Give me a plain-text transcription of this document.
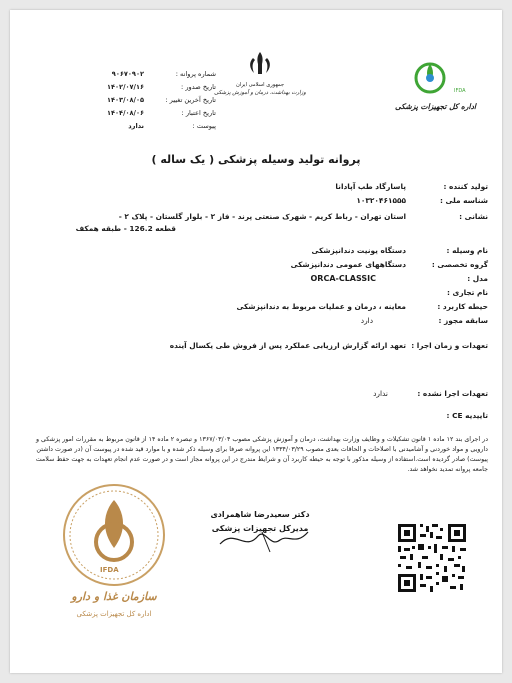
جمهوری اسلامی ایران
وزارت بهداشت، درمان و آموزش پزشکی	IFDA
اداره کل تجهیزات پزشکی
شماره پروانه :
۹۰۶۷۰۹۰۲
تاریخ صدور :
۱۴۰۲/۰۷/۱۶
تاریخ آخرین تغییر :
۱۴۰۳/۰۸/۰۵
تاریخ اعتبار :
۱۴۰۴/۰۸/۰۶
پیوست :
ندارد
پروانه تولید وسیله پزشکی ( یک ساله )
تولید کننده :
پاسارگاد طب آپادانا
شناسه ملی :
۱۰۳۲۰۴۶۱۵۵۵
نشانی :
استان تهران - رباط کریم - شهرک صنعتی پرند - فاز ۲ - بلوار گلستان - پلاک ۲ -
قطعه 126.2 - طبقه همکف
نام وسیله :
دستگاه یونیت دندانپزشکی
گروه تخصصی :
دستگاههای عمومی دندانپزشکی
مدل :
ORCA-CLASSIC
نام تجاری :
حیطه کاربرد :
معاینه ، درمان و عملیات مربوط به دندانپزشکی
سابقه مجوز :
دارد
تعهدات و زمان اجرا :
تعهد ارائه گزارش ارزیابی عملکرد پس از فروش طی یکسال آینده
تعهدات اجرا نشده :
ندارد
تاییدیه CE :
در اجرای بند ۱۲ ماده ۱ قانون تشکیلات و وظایف وزارت بهداشت، درمان و آموزش پزشکی مصوب ۱۳۶۷/۰۳/۰۴ و تبصره ۲ ماده ۱۴ از قانون مربوط به مقررات امور پزشکی و دارویی و مواد خوردنی و آشامیدنی با اصلاحات و الحاقات بعدی مصوب ۱۳۳۴/۰۳/۲۹ این پروانه صرفا برای وسیله ذکر شده و با موارد قید شده در پیوست آن (در صورت داشتن پیوست) صادر گردیده است.استفاده از وسیله مذکور با توجه به حیطه کاربرد آن و شرایط مندرج در این پروانه مجاز است و در صورت عدم انجام تعهدات به جهت حفظ سلامت جامعه پروانه تمدید نخواهد شد.
دکتر سعیدرضا شاهمرادی
مدیرکل تجهیزات پزشکی
IFDA
سازمان غذا و دارو
اداره کل تجهیزات پزشکی
